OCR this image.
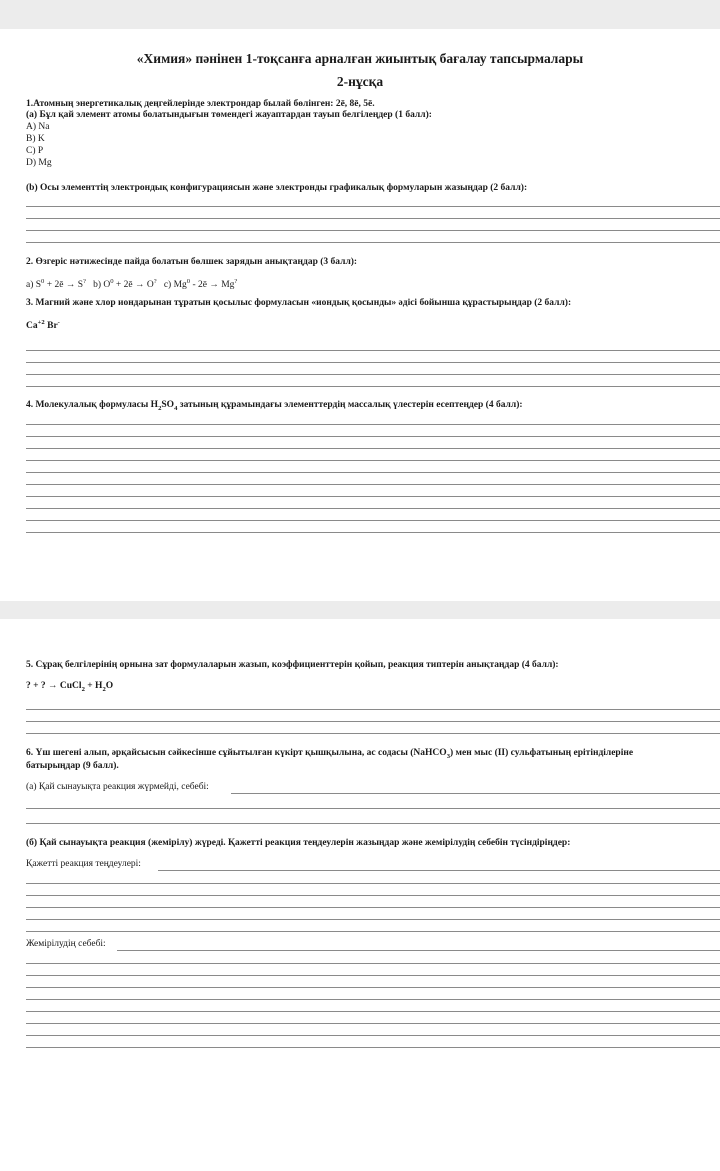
«Химия» пәнінен 1-тоқсанға арналған жиынтық бағалау тапсырмалары
2-нұсқа
1.Атомның энергетикалық деңгейлерінде электрондар былай бөлінген: 2ē, 8ē, 5ē.
(а) Бұл қай элемент атомы болатындығын төмендегі жауаптардан тауып белгілеңдер (1 балл):
A) Na
B) K
C) P
D) Mg
(b) Осы элементтің электрондық конфигурациясын және электронды графикалық формуларын жазыңдар (2 балл):
2. Өзгеріс нәтижесінде пайда болатын бөлшек зарядын анықтаңдар (3 балл):
а) $S^0$ + 2ē → S? b) $O^0$ + 2ē → O? c) Mg$^0$ - 2ē → Mg?
3. Магний және хлор иондарынан тұратын қосылыс формуласын «иондық қосынды» әдісі бойынша құрастырыңдар (2 балл):
$Ca^{+2}$ Br-
4. Молекулалық формуласы $H_2SO_4$ затының құрамындағы элементтердің массалық үлестерін есептеңдер (4 балл):
5. Сұрақ белгілерінің орнына зат формулаларын жазып, коэффициенттерін қойып, реакция типтерін анықтаңдар (4 балл):
? + ? → CuCl$_2$ + $H_2O$
6. Үш шегені алып, әрқайсысын сәйкесінше сұйытылған күкірт қышқылына, ас содасы (NaHCO$_3$) мен мыс (II) сульфатының ерітінділеріне
батырыңдар (9 балл).
(а) Қай сынауықта реакция жүрмейді, себебі:
(б) Қай сынауықта реакция (жемірілу) жүреді. Қажетті реакция теңдеулерін жазыңдар және жемірілудің себебін түсіндіріңдер:
Қажетті реакция теңдеулері:
Жемірілудің себебі:
